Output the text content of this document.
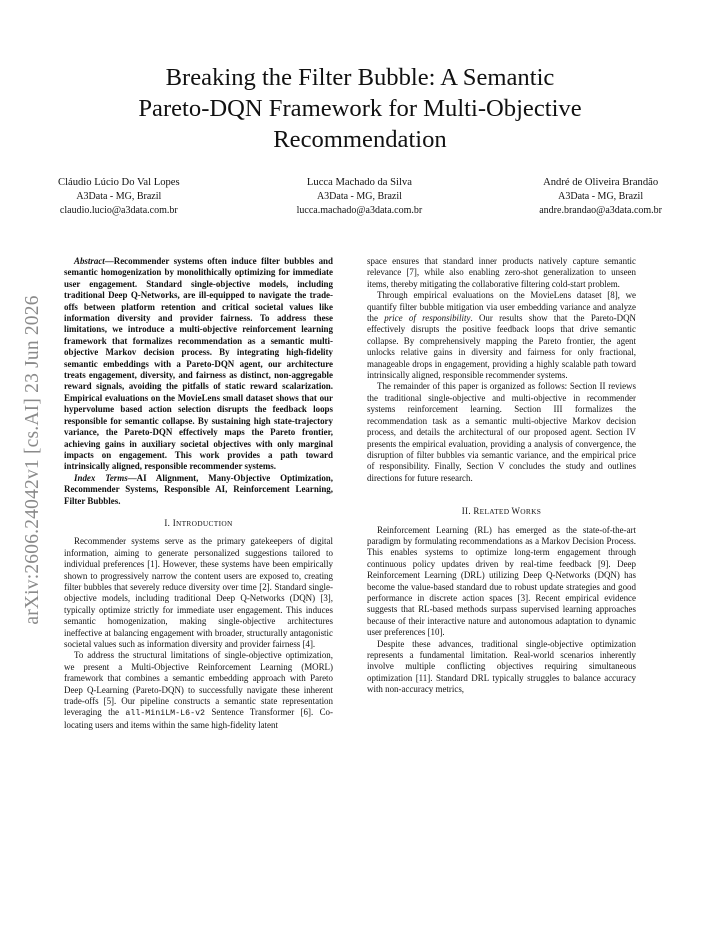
arXiv:2606.24042v1 [cs.AI] 23 Jun 2026
Breaking the Filter Bubble: A Semantic
Pareto-DQN Framework for Multi-Objective
Recommendation
Cláudio Lúcio Do Val Lopes
A3Data - MG, Brazil
claudio.lucio@a3data.com.br
Lucca Machado da Silva
A3Data - MG, Brazil
lucca.machado@a3data.com.br
André de Oliveira Brandão
A3Data - MG, Brazil
andre.brandao@a3data.com.br

Abstract—Recommender systems often induce filter bubbles and semantic homogenization by monolithically optimizing for immediate user engagement. Standard single-objective models, including traditional Deep Q-Networks, are ill-equipped to navigate the trade-offs between platform retention and critical societal values like information diversity and provider fairness. To address these limitations, we introduce a multi-objective reinforcement learning framework that formalizes recommendation as a semantic multi-objective Markov decision process. By integrating high-fidelity semantic embeddings with a Pareto-DQN agent, our architecture treats engagement, diversity, and fairness as distinct, non-aggregable reward signals, avoiding the pitfalls of static reward scalarization. Empirical evaluations on the MovieLens small dataset shows that our hypervolume based action selection disrupts the feedback loops responsible for semantic collapse. By sustaining high state-trajectory variance, the Pareto-DQN effectively maps the Pareto frontier, achieving gains in auxiliary societal objectives with only marginal impacts on engagement. This work provides a path toward intrinsically aligned, responsible recommender systems.

Index Terms—AI Alignment, Many-Objective Optimization, Recommender Systems, Responsible AI, Reinforcement Learning, Filter Bubbles.

I. INTRODUCTION

Recommender systems serve as the primary gatekeepers of digital information, aiming to generate personalized suggestions tailored to individual preferences [1]. However, these systems have been empirically shown to progressively narrow the content users are exposed to, creating filter bubbles that severely reduce diversity over time [2]. Standard single-objective models, including traditional Deep Q-Networks (DQN) [3], typically optimize strictly for immediate user engagement. This induces semantic homogenization, making single-objective architectures ineffective at balancing engagement with broader, structurally antagonistic societal values such as information diversity and provider fairness [4].

To address the structural limitations of single-objective optimization, we present a Multi-Objective Reinforcement Learning (MORL) framework that combines a semantic embedding approach with Pareto Deep Q-Learning (Pareto-DQN) to successfully navigate these inherent trade-offs [5]. Our pipeline constructs a semantic state representation leveraging the all-MiniLM-L6-v2 Sentence Transformer [6]. Co-locating users and items within the same high-fidelity latent

space ensures that standard inner products natively capture semantic relevance [7], while also enabling zero-shot generalization to unseen items, thereby mitigating the collaborative filtering cold-start problem.

Through empirical evaluations on the MovieLens dataset [8], we quantify filter bubble mitigation via user embedding variance and analyze the price of responsibility. Our results show that the Pareto-DQN effectively disrupts the positive feedback loops that drive semantic collapse. By comprehensively mapping the Pareto frontier, the agent unlocks relative gains in diversity and fairness for only fractional, manageable drops in engagement, providing a highly scalable path toward intrinsically aligned, responsible recommender systems.

The remainder of this paper is organized as follows: Section II reviews the traditional single-objective and multi-objective in recommender systems reinforcement learning. Section III formalizes the recommendation task as a semantic multi-objective Markov decision process, and details the architectural of our proposed agent. Section IV presents the empirical evaluation, providing a analysis of convergence, the disruption of filter bubbles via semantic variance, and the empirical price of responsibility. Finally, Section V concludes the study and outlines directions for future research.

II. RELATED WORKS

Reinforcement Learning (RL) has emerged as the state-of-the-art paradigm by formulating recommendations as a Markov Decision Process. This enables systems to optimize long-term engagement through continuous policy updates driven by real-time feedback [9]. Deep Reinforcement Learning (DRL) utilizing Deep Q-Networks (DQN) has become the value-based standard due to robust update strategies and good performance in discrete action spaces [3]. Recent empirical evidence suggests that RL-based methods surpass supervised learning approaches because of their interactive nature and autonomous adaptation to dynamic user preferences [10].

Despite these advances, traditional single-objective optimization represents a fundamental limitation. Real-world scenarios inherently involve multiple conflicting objectives requiring simultaneous optimization [11]. Standard DRL typically struggles to balance accuracy with non-accuracy metrics,
